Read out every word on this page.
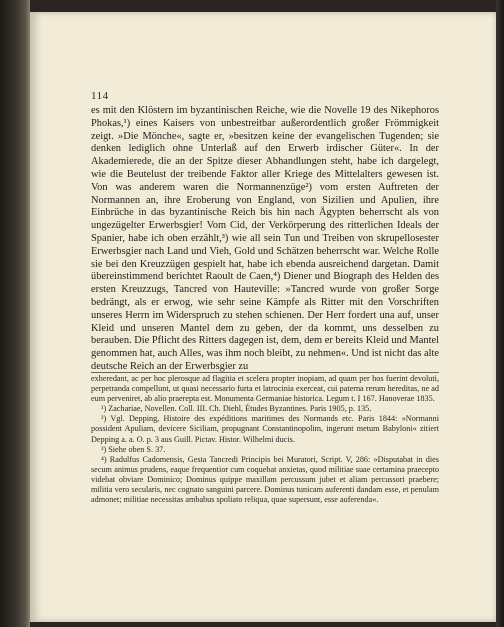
114

es mit den Klöstern im byzantinischen Reiche, wie die Novelle 19 des Nikephoros Phokas,¹) eines Kaisers von unbestreitbar außerordentlich großer Frömmigkeit zeigt. »Die Mönche«, sagte er, »besitzen keine der evangelischen Tugenden; sie denken lediglich ohne Unterlaß auf den Erwerb irdischer Güter«. In der Akademierede, die an der Spitze dieser Abhandlungen steht, habe ich dargelegt, wie die Beutelust der treibende Faktor aller Kriege des Mittelalters gewesen ist. Von was anderem waren die Normannenzüge²) vom ersten Auftreten der Normannen an, ihre Eroberung von England, von Sizilien und Apulien, ihre Einbrüche in das byzantinische Reich bis hin nach Ägypten beherrscht als von ungezügelter Erwerbsgier! Vom Cid, der Verkörperung des ritterlichen Ideals der Spanier, habe ich oben erzählt,³) wie all sein Tun und Treiben von skrupellosester Erwerbsgier nach Land und Vieh, Gold und Schätzen beherrscht war. Welche Rolle sie bei den Kreuzzügen gespielt hat, habe ich ebenda ausreichend dargetan. Damit übereinstimmend berichtet Raoult de Caen,⁴) Diener und Biograph des Helden des ersten Kreuzzugs, Tancred von Hauteville: »Tancred wurde von großer Sorge bedrängt, als er erwog, wie sehr seine Kämpfe als Ritter mit den Vorschriften unseres Herrn im Widerspruch zu stehen schienen. Der Herr fordert una auf, unser Kleid und unseren Mantel dem zu geben, der da kommt, uns desselben zu berauben. Die Pflicht des Ritters dagegen ist, dem, dem er bereits Kleid und Mantel genommen hat, auch Alles, was ihm noch bleibt, zu nehmen«. Und ist nicht das alte deutsche Reich an der Erwerbsgier zu

exheredant, ac per hoc plerosque ad flagitia et scelera propter inopiam, ad quam per hos fuerint devoluti, perpetranda compellunt, ut quasi necessario furta et latrocinia exerceat, cui paterna rerum hereditas, ne ad eum perveniret, ab alio praerepta est. Monumenta Germaniae historica. Legum t. I 167. Hanoverae 1835.

¹) Zachariae, Novellen. Coll. III. Ch. Diehl, Études Byzantines. Paris 1905, p. 135.

²) Vgl. Depping, Histoire des expéditions maritimes des Normands etc. Paris 1844: »Normanni possident Apuliam, devicere Siciliam, propugnant Constantinopolim, ingerunt metum Babyloni« zitiert Depping a. a. O. p. 3 aus Guill. Pictav. Histor. Wilhelmi ducis.

³) Siehe oben S. 37.

⁴) Radulfus Cadomensis, Gesta Tancredi Principis bei Muratori, Script. V, 286: »Disputabat in dies secum animus prudens, eaque frequentior cum coquebat anxietas, quod militiae suae certamina praecepto videbat obviare Dominico; Dominus quippe maxillam percussum jubet et aliam percussori praebere; militia vero secularis, nec cognato sanguini parcere. Dominus tunicam auferenti dandam esse, et penulam admonet; militiae necessitas ambabus spoliato reliqua, quae supersunt, esse auferenda«.
